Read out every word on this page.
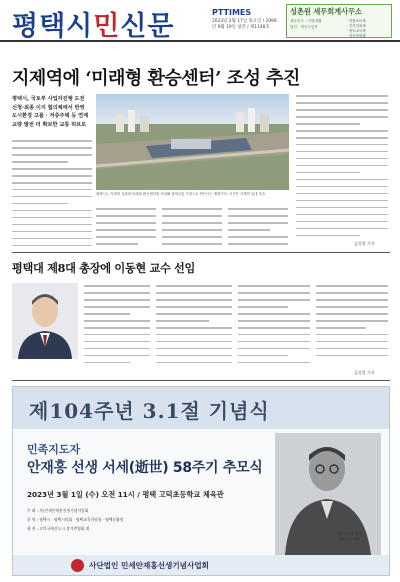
평택시민신문	PTTIMES
2023년 2월 17일 목요일 / 1999년 9월 19일 창간 / 제1148호
성촌원 세무회계사무소
세무신고 · 기장대행
법인 · 개인사업자
· 종합소득세
· 부가가치세
· 양도소득세
· 상속증여세
지제역에 ‘미래형 환승센터’ 조성 추진
평택시, 국토부 사업자진행 도전
신청·최종 이지 협의체에서 반영
도시환경 고품 · 저층주택 등 연계
교량 발전 더 확보한 교통 허브로
평택시는 지제역 일원에 미래형 환승센터를 조성해 광역교통 거점으로 만든다는 계획이다. 사진은 지제역 일대 모습
김성열 기자
평택대 제8대 총장에 이동현 교수 선임
김성열 기자
제104주년 3.1절 기념식
민족지도자
안재홍 선생 서세(逝世) 58주기 추모식
2023년 3월 1일 (수) 오전 11시 / 평택 고덕초등학교 체육관
주 최 : 사)민세안재홍선생기념사업회
후 원 : 평택시 · 평택시의회 · 평택교육지원청 · 평택문화원
협 찬 : 고덕국제신도시 상가번영회 외
민세 안재홍 선생 (1891~1965)
사단법인 민세안재홍선생기념사업회
